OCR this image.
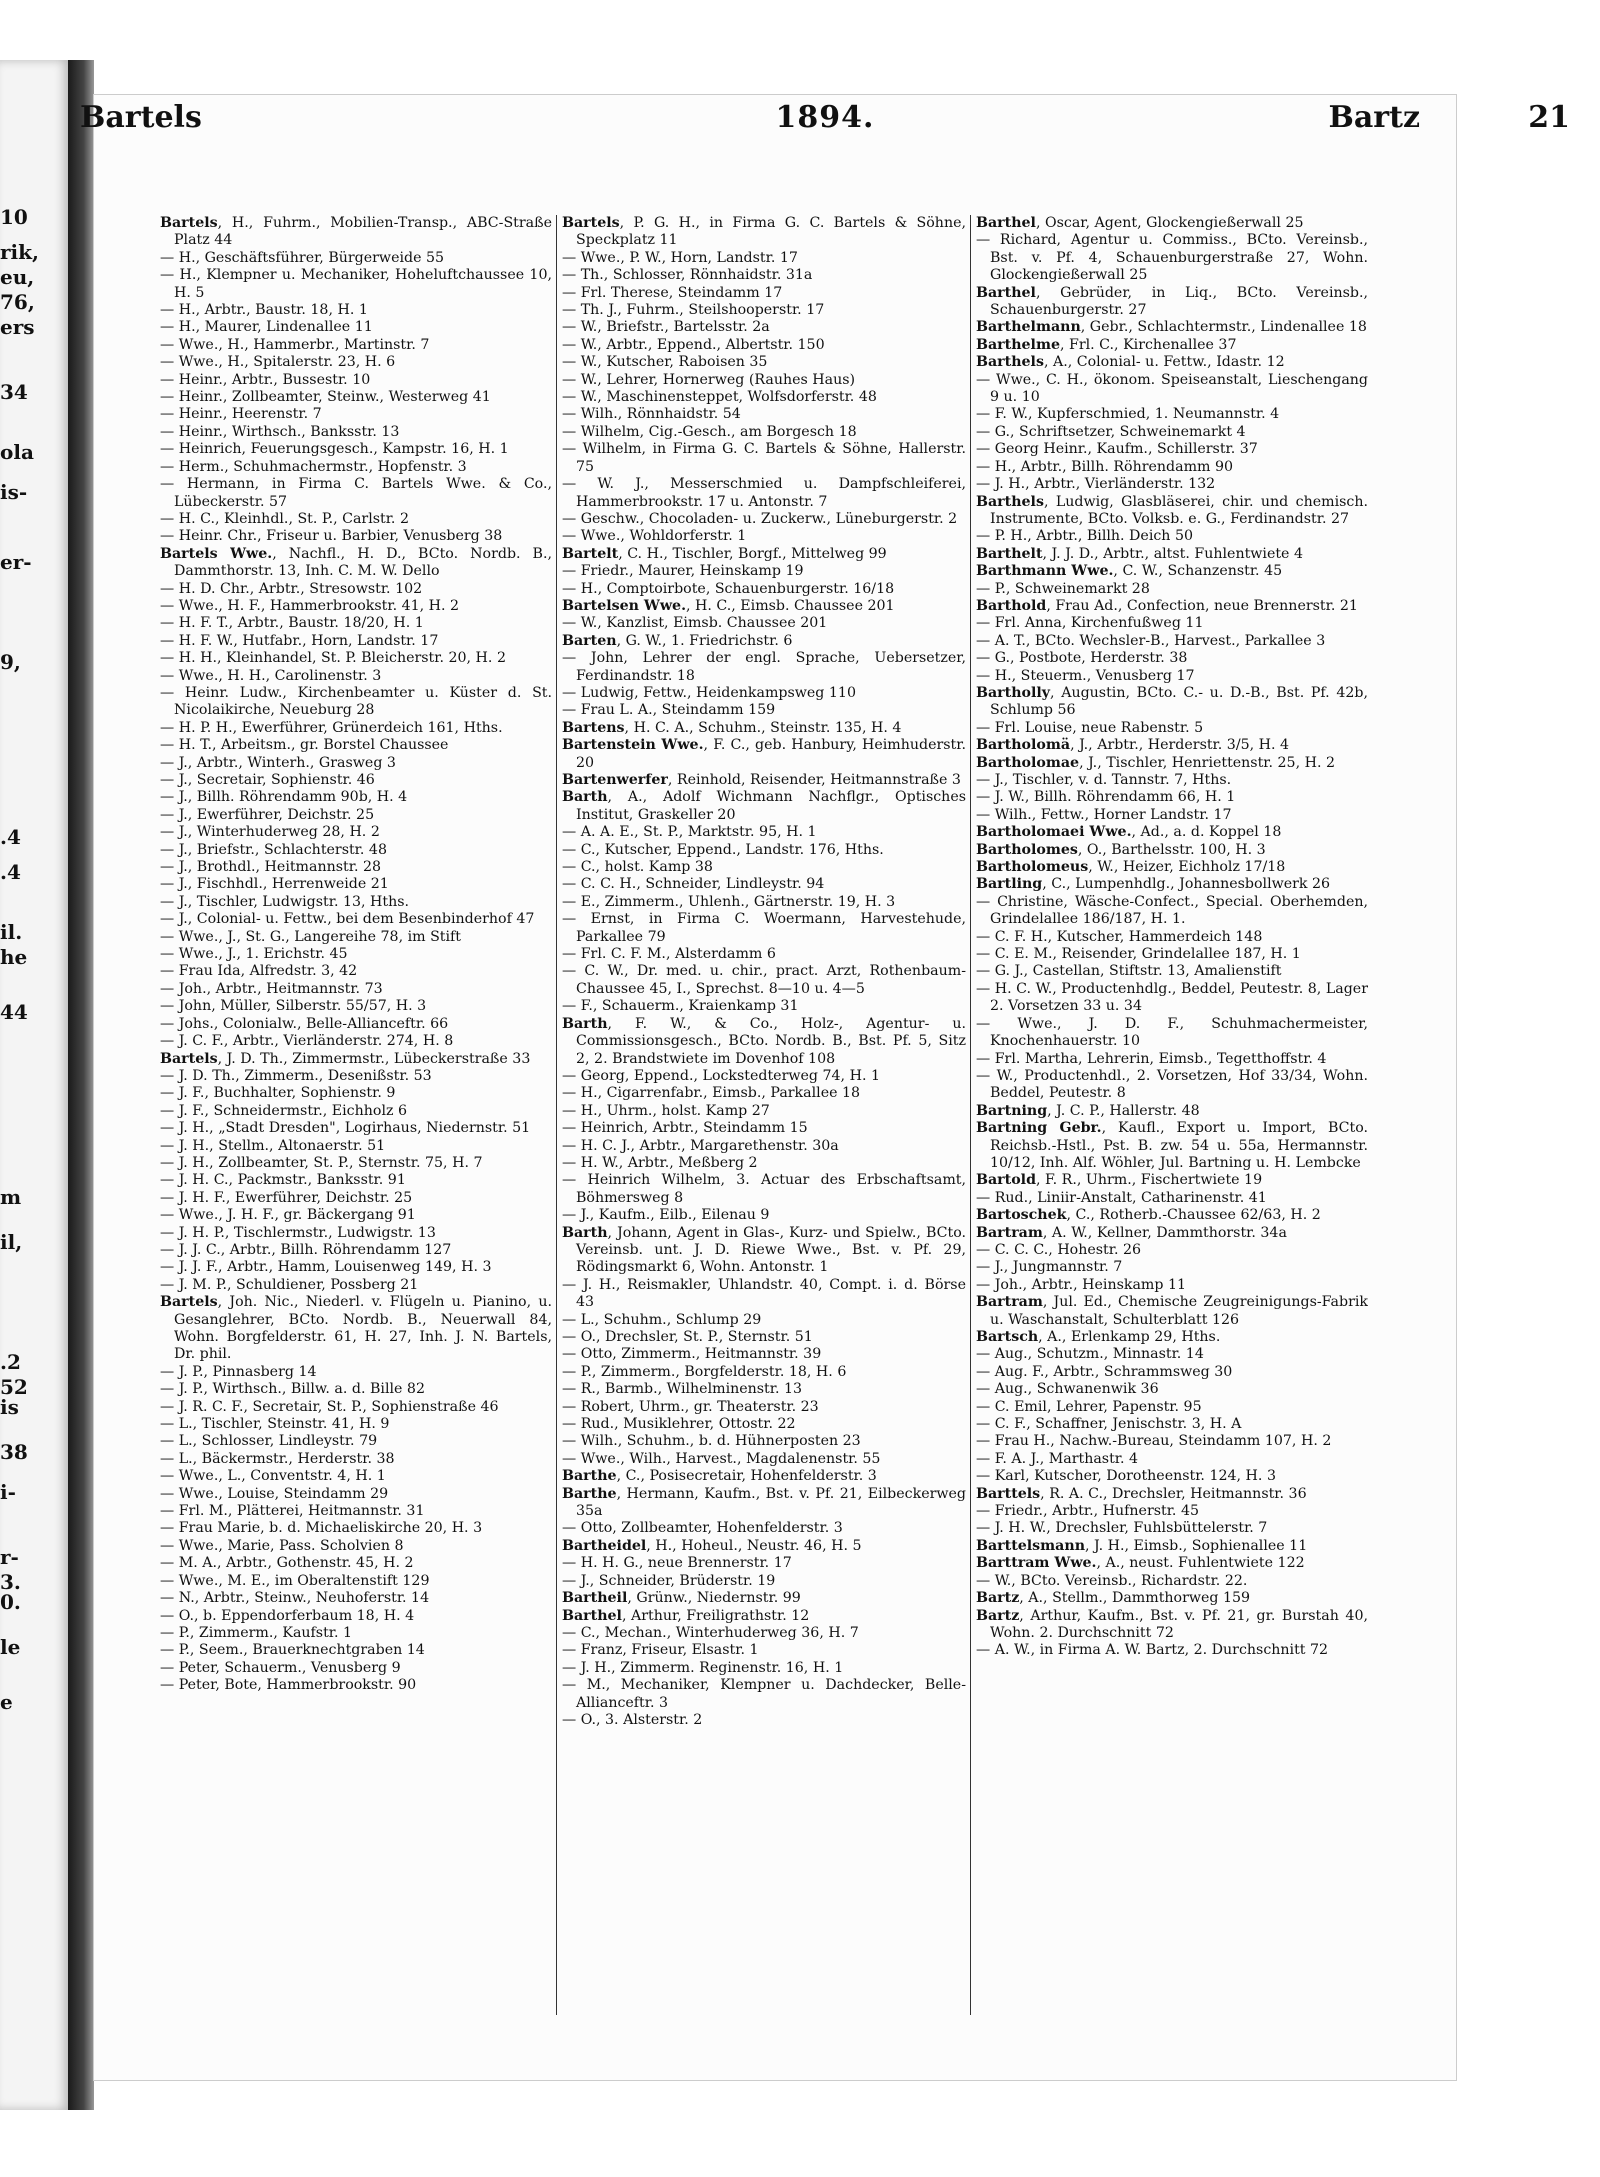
Bartels	1894.	Bartz	21

Bartels, H., Fuhrm., Mobilien-Transp., ABC-Straße Platz 44

— H., Geschäftsführer, Bürgerweide 55

— H., Klempner u. Mechaniker, Hoheluftchaussee 10, H. 5

— H., Arbtr., Baustr. 18, H. 1

— H., Maurer, Lindenallee 11

— Wwe., H., Hammerbr., Martinstr. 7

— Wwe., H., Spitalerstr. 23, H. 6

— Heinr., Arbtr., Bussestr. 10

— Heinr., Zollbeamter, Steinw., Westerweg 41

— Heinr., Heerenstr. 7

— Heinr., Wirthsch., Banksstr. 13

— Heinrich, Feuerungsgesch., Kampstr. 16, H. 1

— Herm., Schuhmachermstr., Hopfenstr. 3

— Hermann, in Firma C. Bartels Wwe. & Co., Lübeckerstr. 57

— H. C., Kleinhdl., St. P., Carlstr. 2

— Heinr. Chr., Friseur u. Barbier, Venusberg 38

Bartels Wwe., Nachfl., H. D., BCto. Nordb. B., Dammthorstr. 13, Inh. C. M. W. Dello

— H. D. Chr., Arbtr., Stresowstr. 102

— Wwe., H. F., Hammerbrookstr. 41, H. 2

— H. F. T., Arbtr., Baustr. 18/20, H. 1

— H. F. W., Hutfabr., Horn, Landstr. 17

— H. H., Kleinhandel, St. P. Bleicherstr. 20, H. 2

— Wwe., H. H., Carolinenstr. 3

— Heinr. Ludw., Kirchenbeamter u. Küster d. St. Nicolaikirche, Neueburg 28

— H. P. H., Ewerführer, Grünerdeich 161, Hths.

— H. T., Arbeitsm., gr. Borstel Chaussee

— J., Arbtr., Winterh., Grasweg 3

— J., Secretair, Sophienstr. 46

— J., Billh. Röhrendamm 90b, H. 4

— J., Ewerführer, Deichstr. 25

— J., Winterhuderweg 28, H. 2

— J., Briefstr., Schlachterstr. 48

— J., Brothdl., Heitmannstr. 28

— J., Fischhdl., Herrenweide 21

— J., Tischler, Ludwigstr. 13, Hths.

— J., Colonial- u. Fettw., bei dem Besenbinderhof 47

— Wwe., J., St. G., Langereihe 78, im Stift

— Wwe., J., 1. Erichstr. 45

— Frau Ida, Alfredstr. 3, 42

— Joh., Arbtr., Heitmannstr. 73

— John, Müller, Silberstr. 55/57, H. 3

— Johs., Colonialw., Belle-Allianceftr. 66

— J. C. F., Arbtr., Vierländerstr. 274, H. 8

Bartels, J. D. Th., Zimmermstr., Lübeckerstraße 33

— J. D. Th., Zimmerm., Desenißstr. 53

— J. F., Buchhalter, Sophienstr. 9

— J. F., Schneidermstr., Eichholz 6

— J. H., „Stadt Dresden", Logirhaus, Niedernstr. 51

— J. H., Stellm., Altonaerstr. 51

— J. H., Zollbeamter, St. P., Sternstr. 75, H. 7

— J. H. C., Packmstr., Banksstr. 91

— J. H. F., Ewerführer, Deichstr. 25

— Wwe., J. H. F., gr. Bäckergang 91

— J. H. P., Tischlermstr., Ludwigstr. 13

— J. J. C., Arbtr., Billh. Röhrendamm 127

— J. J. F., Arbtr., Hamm, Louisenweg 149, H. 3

— J. M. P., Schuldiener, Possberg 21

Bartels, Joh. Nic., Niederl. v. Flügeln u. Pianino, u. Gesanglehrer, BCto. Nordb. B., Neuerwall 84, Wohn. Borgfelderstr. 61, H. 27, Inh. J. N. Bartels, Dr. phil.

— J. P., Pinnasberg 14

— J. P., Wirthsch., Billw. a. d. Bille 82

— J. R. C. F., Secretair, St. P., Sophienstraße 46

— L., Tischler, Steinstr. 41, H. 9

— L., Schlosser, Lindleystr. 79

— L., Bäckermstr., Herderstr. 38

— Wwe., L., Conventstr. 4, H. 1

— Wwe., Louise, Steindamm 29

— Frl. M., Plätterei, Heitmannstr. 31

— Frau Marie, b. d. Michaeliskirche 20, H. 3

— Wwe., Marie, Pass. Scholvien 8

— M. A., Arbtr., Gothenstr. 45, H. 2

— Wwe., M. E., im Oberaltenstift 129

— N., Arbtr., Steinw., Neuhoferstr. 14

— O., b. Eppendorferbaum 18, H. 4

— P., Zimmerm., Kaufstr. 1

— P., Seem., Brauerknechtgraben 14

— Peter, Schauerm., Venusberg 9

— Peter, Bote, Hammerbrookstr. 90

Bartels, P. G. H., in Firma G. C. Bartels & Söhne, Speckplatz 11

— Wwe., P. W., Horn, Landstr. 17

— Th., Schlosser, Rönnhaidstr. 31a

— Frl. Therese, Steindamm 17

— Th. J., Fuhrm., Steilshooperstr. 17

— W., Briefstr., Bartelsstr. 2a

— W., Arbtr., Eppend., Albertstr. 150

— W., Kutscher, Raboisen 35

— W., Lehrer, Hornerweg (Rauhes Haus)

— W., Maschinensteppet, Wolfsdorferstr. 48

— Wilh., Rönnhaidstr. 54

— Wilhelm, Cig.-Gesch., am Borgesch 18

— Wilhelm, in Firma G. C. Bartels & Söhne, Hallerstr. 75

— W. J., Messerschmied u. Dampfschleiferei, Hammerbrookstr. 17 u. Antonstr. 7

— Geschw., Chocoladen- u. Zuckerw., Lüneburgerstr. 2

— Wwe., Wohldorferstr. 1

Bartelt, C. H., Tischler, Borgf., Mittelweg 99

— Friedr., Maurer, Heinskamp 19

— H., Comptoirbote, Schauenburgerstr. 16/18

Bartelsen Wwe., H. C., Eimsb. Chaussee 201

— W., Kanzlist, Eimsb. Chaussee 201

Barten, G. W., 1. Friedrichstr. 6

— John, Lehrer der engl. Sprache, Uebersetzer, Ferdinandstr. 18

— Ludwig, Fettw., Heidenkampsweg 110

— Frau L. A., Steindamm 159

Bartens, H. C. A., Schuhm., Steinstr. 135, H. 4

Bartenstein Wwe., F. C., geb. Hanbury, Heimhuderstr. 20

Bartenwerfer, Reinhold, Reisender, Heitmannstraße 3

Barth, A., Adolf Wichmann Nachflgr., Optisches Institut, Graskeller 20

— A. A. E., St. P., Marktstr. 95, H. 1

— C., Kutscher, Eppend., Landstr. 176, Hths.

— C., holst. Kamp 38

— C. C. H., Schneider, Lindleystr. 94

— E., Zimmerm., Uhlenh., Gärtnerstr. 19, H. 3

— Ernst, in Firma C. Woermann, Harvestehude, Parkallee 79

— Frl. C. F. M., Alsterdamm 6

— C. W., Dr. med. u. chir., pract. Arzt, Rothenbaum-Chaussee 45, I., Sprechst. 8—10 u. 4—5

— F., Schauerm., Kraienkamp 31

Barth, F. W., & Co., Holz-, Agentur- u. Commissionsgesch., BCto. Nordb. B., Bst. Pf. 5, Sitz 2, 2. Brandstwiete im Dovenhof 108

— Georg, Eppend., Lockstedterweg 74, H. 1

— H., Cigarrenfabr., Eimsb., Parkallee 18

— H., Uhrm., holst. Kamp 27

— Heinrich, Arbtr., Steindamm 15

— H. C. J., Arbtr., Margarethenstr. 30a

— H. W., Arbtr., Meßberg 2

— Heinrich Wilhelm, 3. Actuar des Erbschaftsamt, Böhmersweg 8

— J., Kaufm., Eilb., Eilenau 9

Barth, Johann, Agent in Glas-, Kurz- und Spielw., BCto. Vereinsb. unt. J. D. Riewe Wwe., Bst. v. Pf. 29, Rödingsmarkt 6, Wohn. Antonstr. 1

— J. H., Reismakler, Uhlandstr. 40, Compt. i. d. Börse 43

— L., Schuhm., Schlump 29

— O., Drechsler, St. P., Sternstr. 51

— Otto, Zimmerm., Heitmannstr. 39

— P., Zimmerm., Borgfelderstr. 18, H. 6

— R., Barmb., Wilhelminenstr. 13

— Robert, Uhrm., gr. Theaterstr. 23

— Rud., Musiklehrer, Ottostr. 22

— Wilh., Schuhm., b. d. Hühnerposten 23

— Wwe., Wilh., Harvest., Magdalenenstr. 55

Barthe, C., Posisecretair, Hohenfelderstr. 3

Barthe, Hermann, Kaufm., Bst. v. Pf. 21, Eilbeckerweg 35a

— Otto, Zollbeamter, Hohenfelderstr. 3

Bartheidel, H., Hoheul., Neustr. 46, H. 5

— H. H. G., neue Brennerstr. 17

— J., Schneider, Brüderstr. 19

Bartheil, Grünw., Niedernstr. 99

Barthel, Arthur, Freiligrathstr. 12

— C., Mechan., Winterhuderweg 36, H. 7

— Franz, Friseur, Elsastr. 1

— J. H., Zimmerm. Reginenstr. 16, H. 1

— M., Mechaniker, Klempner u. Dachdecker, Belle-Allianceftr. 3

— O., 3. Alsterstr. 2

Barthel, Oscar, Agent, Glockengießerwall 25

— Richard, Agentur u. Commiss., BCto. Vereinsb., Bst. v. Pf. 4, Schauenburgerstraße 27, Wohn. Glockengießerwall 25

Barthel, Gebrüder, in Liq., BCto. Vereinsb., Schauenburgerstr. 27

Barthelmann, Gebr., Schlachtermstr., Lindenallee 18

Barthelme, Frl. C., Kirchenallee 37

Barthels, A., Colonial- u. Fettw., Idastr. 12

— Wwe., C. H., ökonom. Speiseanstalt, Lieschengang 9 u. 10

— F. W., Kupferschmied, 1. Neumannstr. 4

— G., Schriftsetzer, Schweinemarkt 4

— Georg Heinr., Kaufm., Schillerstr. 37

— H., Arbtr., Billh. Röhrendamm 90

— J. H., Arbtr., Vierländerstr. 132

Barthels, Ludwig, Glasbläserei, chir. und chemisch. Instrumente, BCto. Volksb. e. G., Ferdinandstr. 27

— P. H., Arbtr., Billh. Deich 50

Barthelt, J. J. D., Arbtr., altst. Fuhlentwiete 4

Barthmann Wwe., C. W., Schanzenstr. 45

— P., Schweinemarkt 28

Barthold, Frau Ad., Confection, neue Brennerstr. 21

— Frl. Anna, Kirchenfußweg 11

— A. T., BCto. Wechsler-B., Harvest., Parkallee 3

— G., Postbote, Herderstr. 38

— H., Steuerm., Venusberg 17

Bartholly, Augustin, BCto. C.- u. D.-B., Bst. Pf. 42b, Schlump 56

— Frl. Louise, neue Rabenstr. 5

Bartholomä, J., Arbtr., Herderstr. 3/5, H. 4

Bartholomae, J., Tischler, Henriettenstr. 25, H. 2

— J., Tischler, v. d. Tannstr. 7, Hths.

— J. W., Billh. Röhrendamm 66, H. 1

— Wilh., Fettw., Horner Landstr. 17

Bartholomaei Wwe., Ad., a. d. Koppel 18

Bartholomes, O., Barthelsstr. 100, H. 3

Bartholomeus, W., Heizer, Eichholz 17/18

Bartling, C., Lumpenhdlg., Johannesbollwerk 26

— Christine, Wäsche-Confect., Special. Oberhemden, Grindelallee 186/187, H. 1.

— C. F. H., Kutscher, Hammerdeich 148

— C. E. M., Reisender, Grindelallee 187, H. 1

— G. J., Castellan, Stiftstr. 13, Amalienstift

— H. C. W., Productenhdlg., Beddel, Peutestr. 8, Lager 2. Vorsetzen 33 u. 34

— Wwe., J. D. F., Schuhmachermeister, Knochenhauerstr. 10

— Frl. Martha, Lehrerin, Eimsb., Tegetthoffstr. 4

— W., Productenhdl., 2. Vorsetzen, Hof 33/34, Wohn. Beddel, Peutestr. 8

Bartning, J. C. P., Hallerstr. 48

Bartning Gebr., Kaufl., Export u. Import, BCto. Reichsb.-Hstl., Pst. B. zw. 54 u. 55a, Hermannstr. 10/12, Inh. Alf. Wöhler, Jul. Bartning u. H. Lembcke

Bartold, F. R., Uhrm., Fischertwiete 19

— Rud., Liniir-Anstalt, Catharinenstr. 41

Bartoschek, C., Rotherb.-Chaussee 62/63, H. 2

Bartram, A. W., Kellner, Dammthorstr. 34a

— C. C. C., Hohestr. 26

— J., Jungmannstr. 7

— Joh., Arbtr., Heinskamp 11

Bartram, Jul. Ed., Chemische Zeugreinigungs-Fabrik u. Waschanstalt, Schulterblatt 126

Bartsch, A., Erlenkamp 29, Hths.

— Aug., Schutzm., Minnastr. 14

— Aug. F., Arbtr., Schrammsweg 30

— Aug., Schwanenwik 36

— C. Emil, Lehrer, Papenstr. 95

— C. F., Schaffner, Jenischstr. 3, H. A

— Frau H., Nachw.-Bureau, Steindamm 107, H. 2

— F. A. J., Marthastr. 4

— Karl, Kutscher, Dorotheenstr. 124, H. 3

Barttels, R. A. C., Drechsler, Heitmannstr. 36

— Friedr., Arbtr., Hufnerstr. 45

— J. H. W., Drechsler, Fuhlsbüttelerstr. 7

Barttelsmann, J. H., Eimsb., Sophienallee 11

Barttram Wwe., A., neust. Fuhlentwiete 122

— W., BCto. Vereinsb., Richardstr. 22.

Bartz, A., Stellm., Dammthorweg 159

Bartz, Arthur, Kaufm., Bst. v. Pf. 21, gr. Burstah 40, Wohn. 2. Durchschnitt 72

— A. W., in Firma A. W. Bartz, 2. Durchschnitt 72

10
rik,
eu,
76,
ers
34
ola
is-
er-
9,
.4
.4
il.
he
44
m
il,
.2
52
is
38
i-
r-
3.
0.
le
e
